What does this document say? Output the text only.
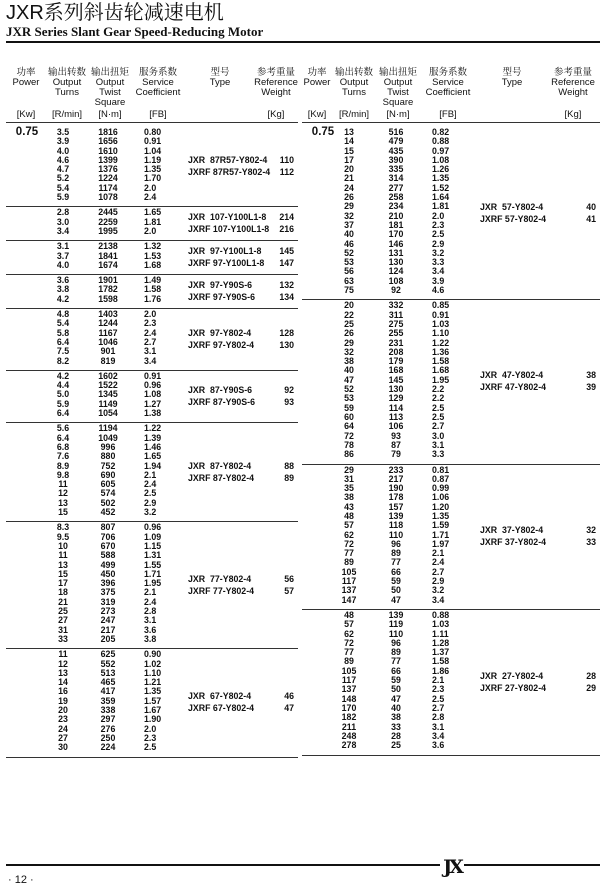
JXR系列斜齿轮减速电机
JXR Series Slant Gear Speed-Reducing Motor
功率
Power
输出转数
Output
Turns
输出扭矩
Output
Twist
Square
服务系数
Service
Coefficient
型号
Type
参考重量
Reference
Weight
[Kw]	[R/min]	[N·m]	[FB]	[Kg]
0.75	3.5	1816	0.80
3.9	1656	0.91
4.0	1610	1.04
4.6	1399	1.19
4.7	1376	1.35
5.2	1224	1.70
5.4	1174	2.0
5.9	1078	2.4
JXR  87R57-Y802-4	110
JXRF 87R57-Y802-4	112
2.8	2445	1.65
3.0	2259	1.81
3.4	1995	2.0
JXR  107-Y100L1-8	214
JXRF 107-Y100L1-8	216
3.1	2138	1.32
3.7	1841	1.53
4.0	1674	1.68
JXR  97-Y100L1-8	145
JXRF 97-Y100L1-8	147
3.6	1901	1.49
3.8	1782	1.58
4.2	1598	1.76
JXR  97-Y90S-6	132
JXRF 97-Y90S-6	134
4.8	1403	2.0
5.4	1244	2.3
5.8	1167	2.4
6.4	1046	2.7
7.5	901	3.1
8.2	819	3.4
JXR  97-Y802-4	128
JXRF 97-Y802-4	130
4.2	1602	0.91
4.4	1522	0.96
5.0	1345	1.08
5.9	1149	1.27
6.4	1054	1.38
JXR  87-Y90S-6	92
JXRF 87-Y90S-6	93
5.6	1194	1.22
6.4	1049	1.39
6.8	996	1.46
7.6	880	1.65
8.9	752	1.94
9.8	690	2.1
11	605	2.4
12	574	2.5
13	502	2.9
15	452	3.2
JXR  87-Y802-4	88
JXRF 87-Y802-4	89
8.3	807	0.96
9.5	706	1.09
10	670	1.15
11	588	1.31
13	499	1.55
15	450	1.71
17	396	1.95
18	375	2.1
21	319	2.4
25	273	2.8
27	247	3.1
31	217	3.6
33	205	3.8
JXR  77-Y802-4	56
JXRF 77-Y802-4	57
11	625	0.90
12	552	1.02
13	513	1.10
14	465	1.21
16	417	1.35
19	359	1.57
20	338	1.67
23	297	1.90
24	276	2.0
27	250	2.3
30	224	2.5
JXR  67-Y802-4	46
JXRF 67-Y802-4	47
功率
Power
输出转数
Output
Turns
输出扭矩
Output
Twist
Square
服务系数
Service
Coefficient
型号
Type
参考重量
Reference
Weight
[Kw]	[R/min]	[N·m]	[FB]	[Kg]
0.75	13	516	0.82
14	479	0.88
15	435	0.97
17	390	1.08
20	335	1.26
21	314	1.35
24	277	1.52
26	258	1.64
29	234	1.81
32	210	2.0
37	181	2.3
40	170	2.5
46	146	2.9
52	131	3.2
53	130	3.3
56	124	3.4
63	108	3.9
75	92	4.6
JXR  57-Y802-4	40
JXRF 57-Y802-4	41
20	332	0.85
22	311	0.91
25	275	1.03
26	255	1.10
29	231	1.22
32	208	1.36
38	179	1.58
40	168	1.68
47	145	1.95
52	130	2.2
53	129	2.2
59	114	2.5
60	113	2.5
64	106	2.7
72	93	3.0
78	87	3.1
86	79	3.3
JXR  47-Y802-4	38
JXRF 47-Y802-4	39
29	233	0.81
31	217	0.87
35	190	0.99
38	178	1.06
43	157	1.20
48	139	1.35
57	118	1.59
62	110	1.71
72	96	1.97
77	89	2.1
89	77	2.4
105	66	2.7
117	59	2.9
137	50	3.2
147	47	3.4
JXR  37-Y802-4	32
JXRF 37-Y802-4	33
48	139	0.88
57	119	1.03
62	110	1.11
72	96	1.28
77	89	1.37
89	77	1.58
105	66	1.86
117	59	2.1
137	50	2.3
148	47	2.5
170	40	2.7
182	38	2.8
211	33	3.1
248	28	3.4
278	25	3.6
JXR  27-Y802-4	28
JXRF 27-Y802-4	29
· 12 ·
JX
